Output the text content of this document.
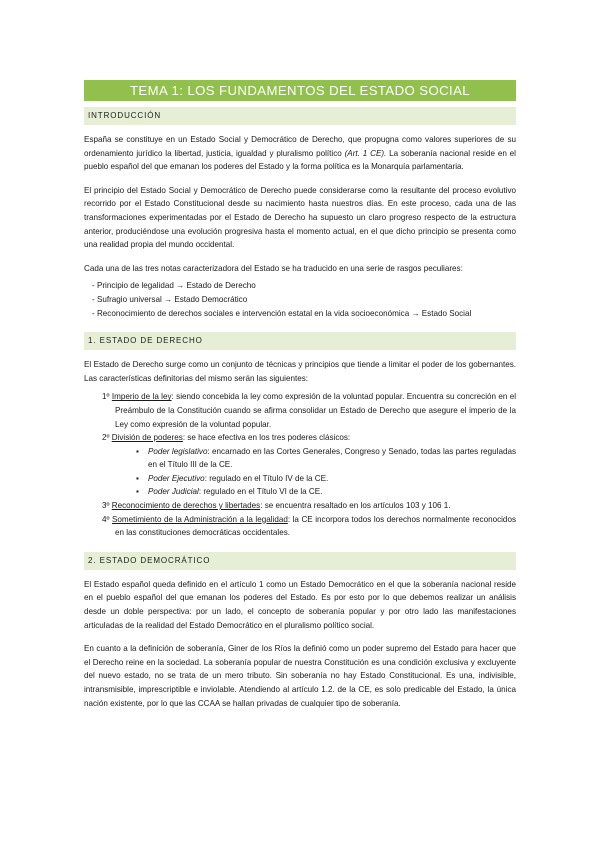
TEMA 1: LOS FUNDAMENTOS DEL ESTADO SOCIAL
INTRODUCCIÓN

España se constituye en un Estado Social y Democrático de Derecho, que propugna como valores superiores de su ordenamiento jurídico la libertad, justicia, igualdad y pluralismo político (Art. 1 CE). La soberanía nacional reside en el pueblo español del que emanan los poderes del Estado y la forma política es la Monarquía parlamentaria.

El principio del Estado Social y Democrático de Derecho puede considerarse como la resultante del proceso evolutivo recorrido por el Estado Constitucional desde su nacimiento hasta nuestros días. En este proceso, cada una de las transformaciones experimentadas por el Estado de Derecho ha supuesto un claro progreso respecto de la estructura anterior, produciéndose una evolución progresiva hasta el momento actual, en el que dicho principio se presenta como una realidad propia del mundo occidental.

Cada una de las tres notas caracterizadora del Estado se ha traducido en una serie de rasgos peculiares:

- Principio de legalidad → Estado de Derecho
- Sufragio universal → Estado Democrático
- Reconocimiento de derechos sociales e intervención estatal en la vida socioeconómica → Estado Social
1. ESTADO DE DERECHO

El Estado de Derecho surge como un conjunto de técnicas y principios que tiende a limitar el poder de los gobernantes. Las características definitorias del mismo serán las siguientes:

1º Imperio de la ley: siendo concebida la ley como expresión de la voluntad popular. Encuentra su concreción en el Preámbulo de la Constitución cuando se afirma consolidar un Estado de Derecho que asegure el imperio de la Ley como expresión de la voluntad popular.
2º División de poderes: se hace efectiva en los tres poderes clásicos:
▪Poder legislativo: encarnado en las Cortes Generales, Congreso y Senado, todas las partes reguladas en el Título III de la CE.
▪Poder Ejecutivo: regulado en el Título IV de la CE.
▪Poder Judicial: regulado en el Título VI de la CE.
3º Reconocimiento de derechos y libertades: se encuentra resaltado en los artículos 103 y 106 1.
4º Sometimiento de la Administración a la legalidad: la CE incorpora todos los derechos normalmente reconocidos en las constituciones democráticas occidentales.
2. ESTADO DEMOCRÁTICO

El Estado español queda definido en el artículo 1 como un Estado Democrático en el que la soberanía nacional reside en el pueblo español del que emanan los poderes del Estado. Es por esto por lo que debemos realizar un análisis desde un doble perspectiva: por un lado, el concepto de soberanía popular y por otro lado las manifestaciones articuladas de la realidad del Estado Democrático en el pluralismo político social.

En cuanto a la definición de soberanía, Giner de los Ríos la definió como un poder supremo del Estado para hacer que el Derecho reine en la sociedad. La soberanía popular de nuestra Constitución es una condición exclusiva y excluyente del nuevo estado, no se trata de un mero tributo. Sin soberanía no hay Estado Constitucional. Es una, indivisible, intransmisible, imprescriptible e inviolable. Atendiendo al artículo 1.2. de la CE, es solo predicable del Estado, la única nación existente, por lo que las CCAA se hallan privadas de cualquier tipo de soberanía.
